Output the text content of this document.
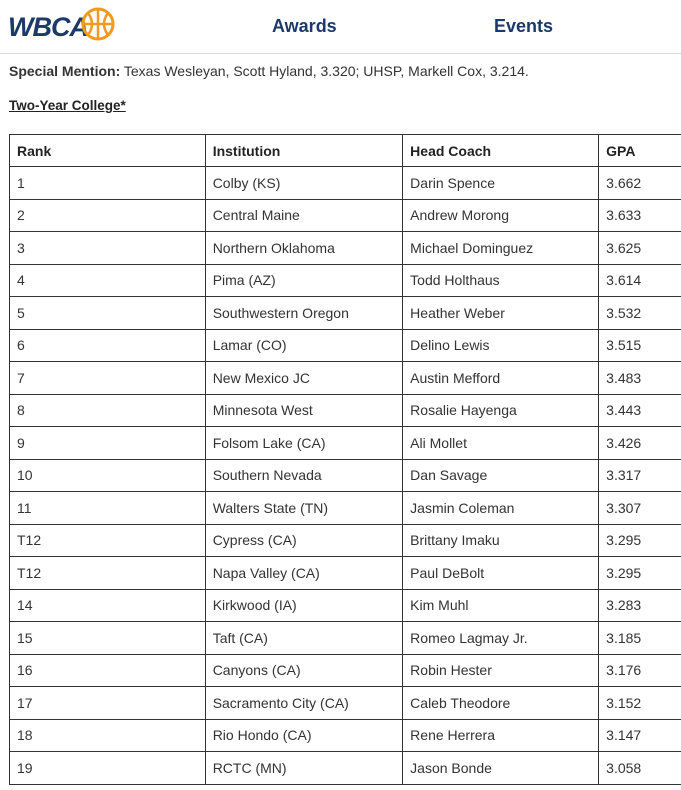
WBCA	Awards	Events
Special Mention: Texas Wesleyan, Scott Hyland, 3.320; UHSP, Markell Cox, 3.214.
Two-Year College*
Rank	Institution	Head Coach	GPA
1	Colby (KS)	Darin Spence	3.662
2	Central Maine	Andrew Morong	3.633
3	Northern Oklahoma	Michael Dominguez	3.625
4	Pima (AZ)	Todd Holthaus	3.614
5	Southwestern Oregon	Heather Weber	3.532
6	Lamar (CO)	Delino Lewis	3.515
7	New Mexico JC	Austin Mefford	3.483
8	Minnesota West	Rosalie Hayenga	3.443
9	Folsom Lake (CA)	Ali Mollet	3.426
10	Southern Nevada	Dan Savage	3.317
11	Walters State (TN)	Jasmin Coleman	3.307
T12	Cypress (CA)	Brittany Imaku	3.295
T12	Napa Valley (CA)	Paul DeBolt	3.295
14	Kirkwood (IA)	Kim Muhl	3.283
15	Taft (CA)	Romeo Lagmay Jr.	3.185
16	Canyons (CA)	Robin Hester	3.176
17	Sacramento City (CA)	Caleb Theodore	3.152
18	Rio Hondo (CA)	Rene Herrera	3.147
19	RCTC (MN)	Jason Bonde	3.058
